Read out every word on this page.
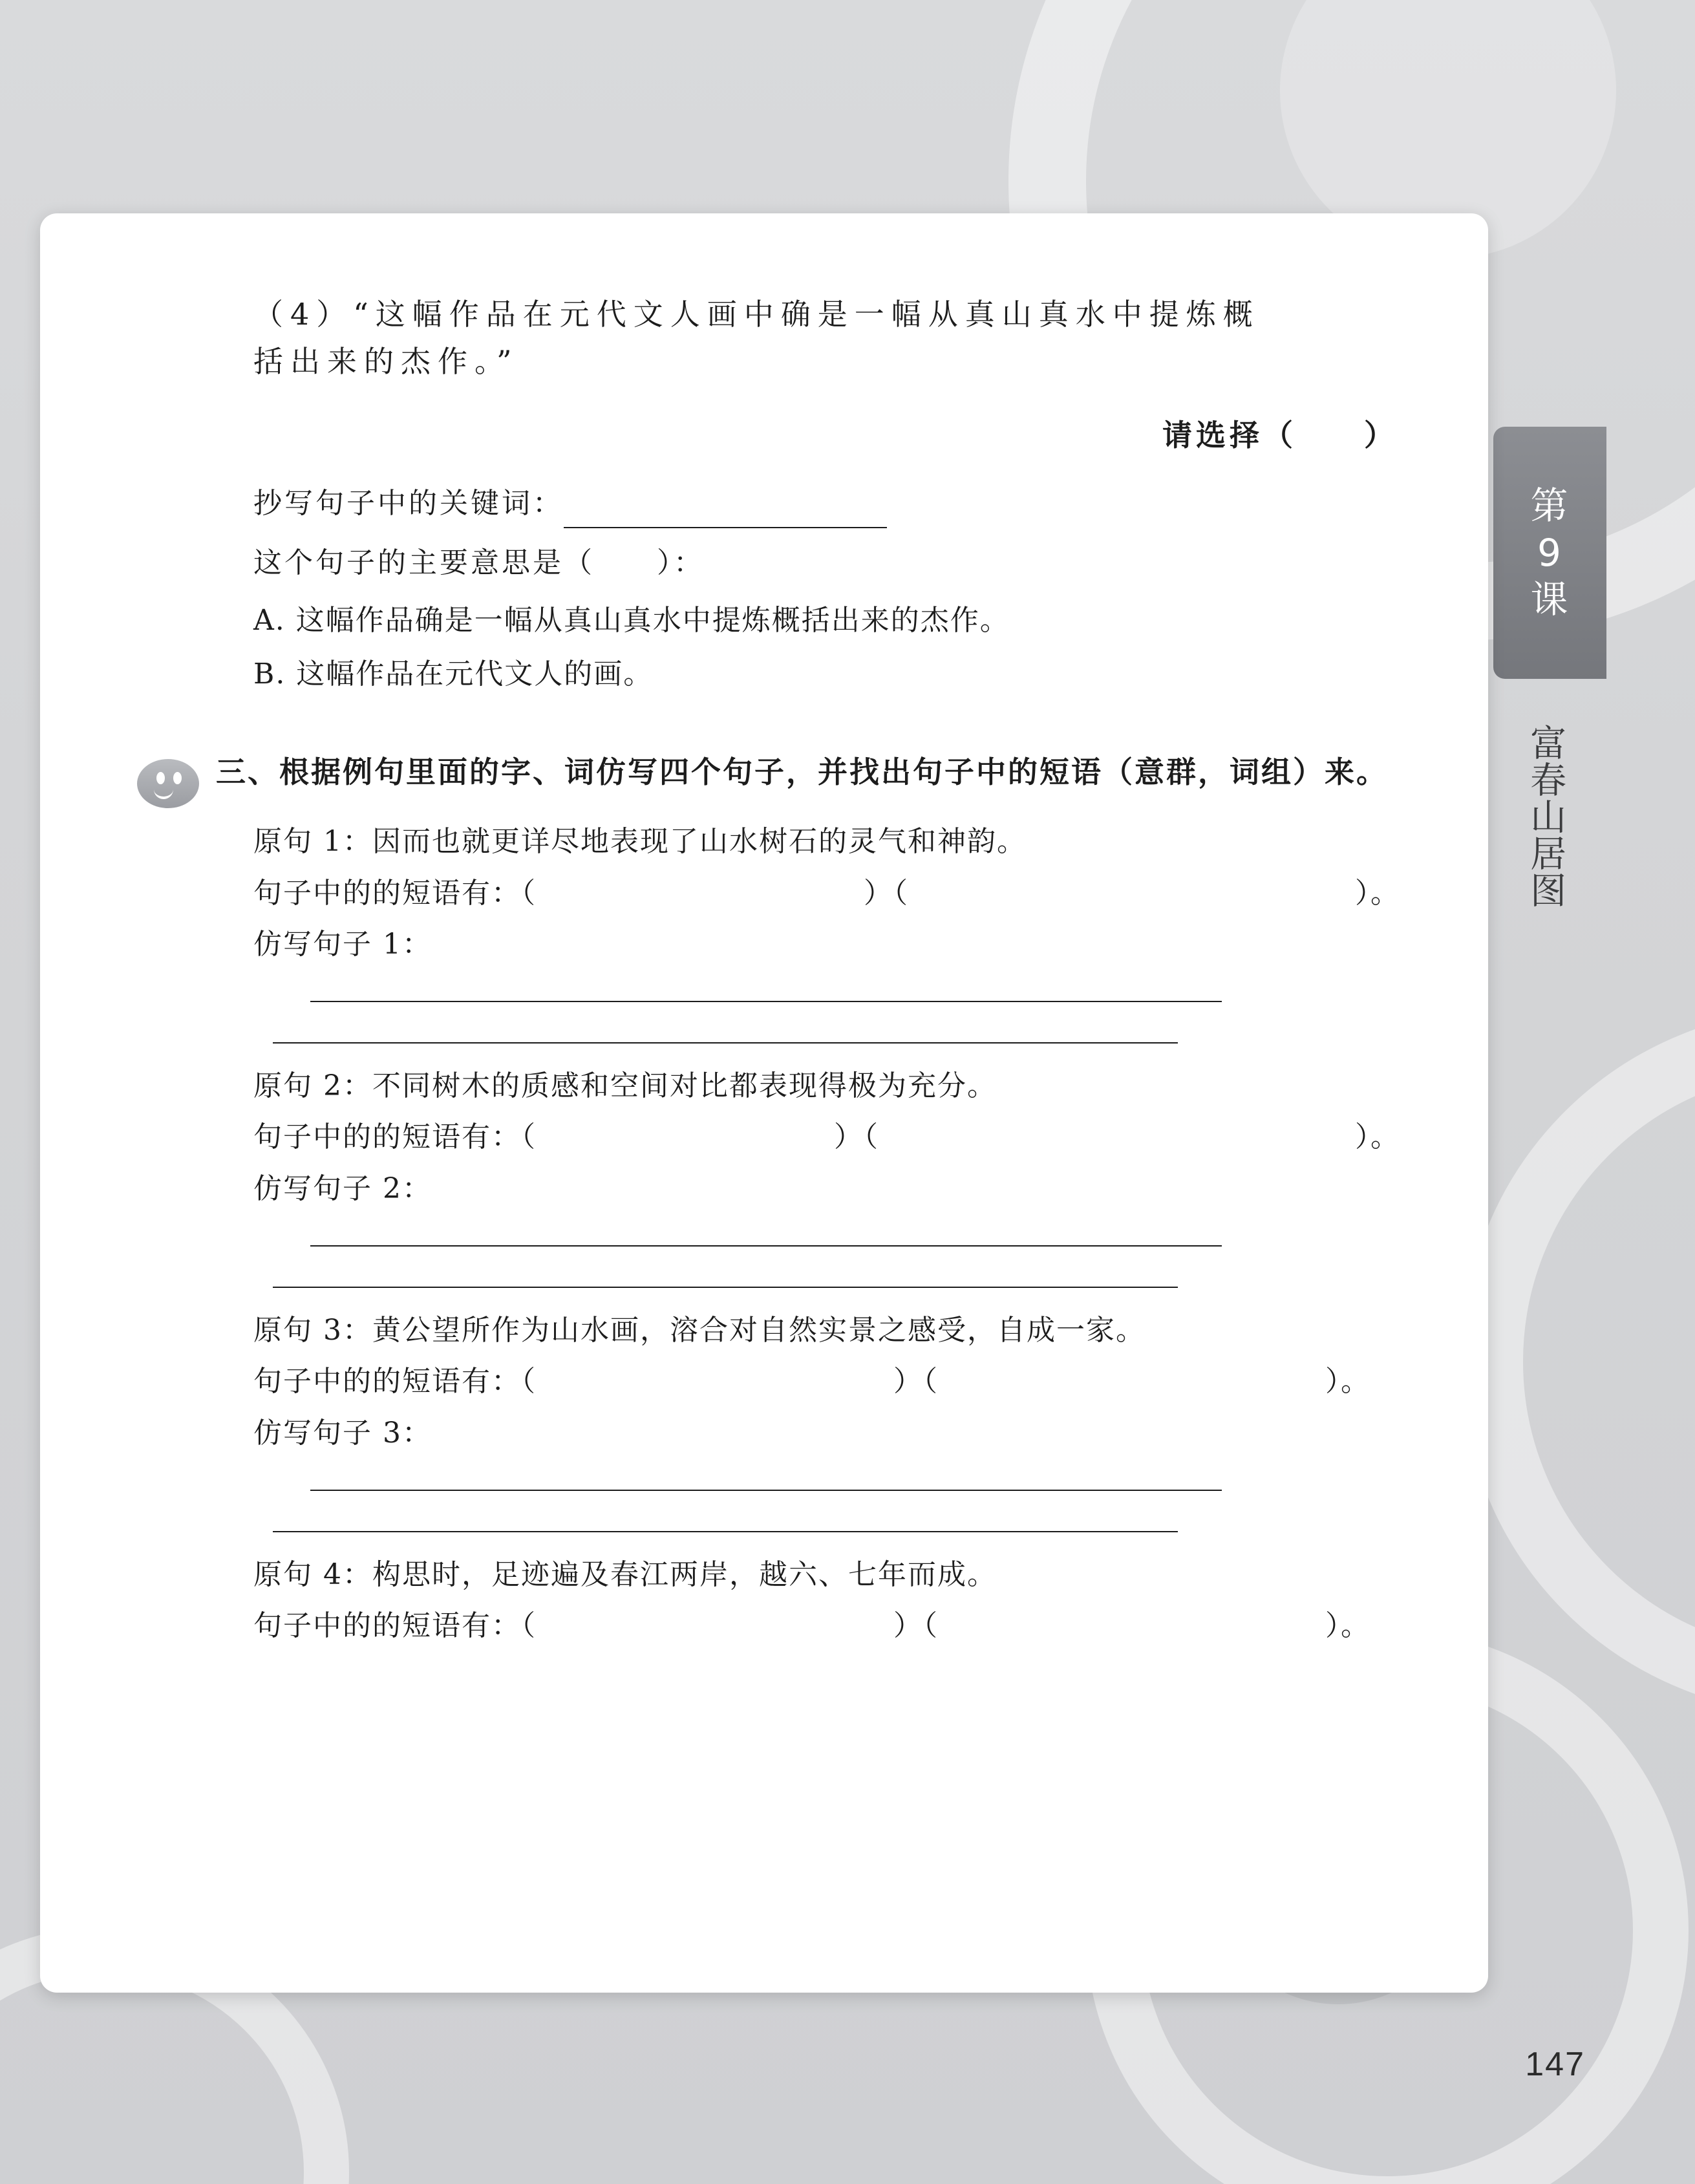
第
9
课
富春山居图
（4）“这幅作品在元代文人画中确是一幅从真山真水中提炼概
括出来的杰作。”
请选择（　　）
抄写句子中的关键词：
这个句子的主要意思是（　　）：
A. 这幅作品确是一幅从真山真水中提炼概括出来的杰作。
B. 这幅作品在元代文人的画。
三、根据例句里面的字、词仿写四个句子，并找出句子中的短语（意群，词组）来。
原句 1：因而也就更详尽地表现了山水树石的灵气和神韵。
句子中的的短语有：（　　　　　　　　　　　）（　　　　　　　　　　　　　　　）。
仿写句子 1：
原句 2：不同树木的质感和空间对比都表现得极为充分。
句子中的的短语有：（　　　　　　　　　　）（　　　　　　　　　　　　　　　　）。
仿写句子 2：
原句 3：黄公望所作为山水画，溶合对自然实景之感受，自成一家。
句子中的的短语有：（　　　　　　　　　　　　）（　　　　　　　　　　　　　）。
仿写句子 3：
原句 4：构思时，足迹遍及春江两岸，越六、七年而成。
句子中的的短语有：（　　　　　　　　　　　　）（　　　　　　　　　　　　　）。
147
